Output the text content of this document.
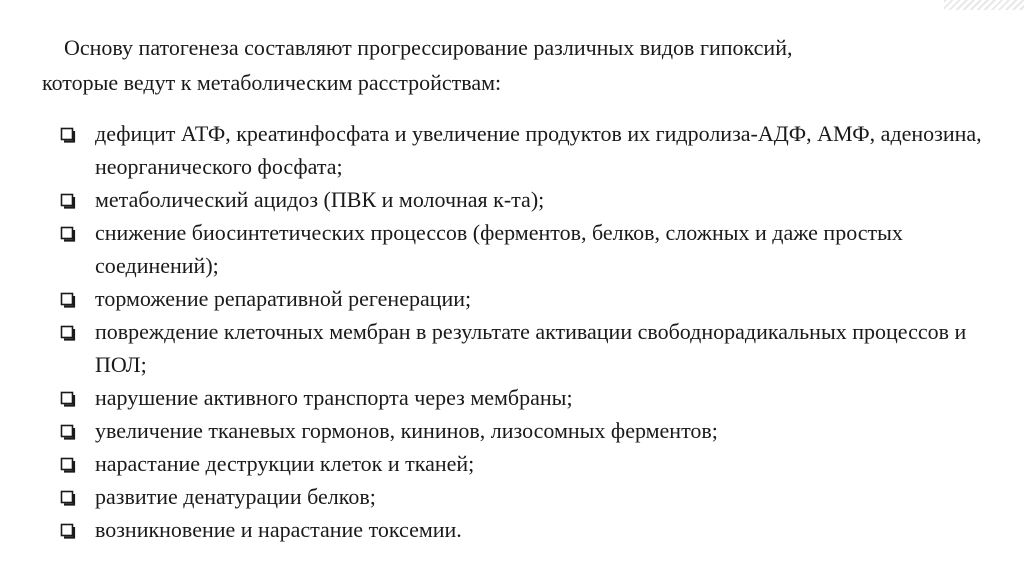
Основу патогенеза составляют прогрессирование различных видов гипоксий,
которые ведут к метаболическим расстройствам:

дефицит АТФ, креатинфосфата и увеличение продуктов их гидролиза-АДФ, АМФ, аденозина, неорганического фосфата;
метаболический ацидоз (ПВК и молочная к-та);
снижение биосинтетических процессов (ферментов, белков, сложных и даже простых соединений);
торможение репаративной регенерации;
повреждение клеточных мембран в результате активации свободнорадикальных процессов и ПОЛ;
нарушение активного транспорта через мембраны;
увеличение тканевых гормонов, кининов, лизосомных ферментов;
нарастание деструкции клеток и тканей;
развитие денатурации белков;
возникновение и нарастание токсемии.
